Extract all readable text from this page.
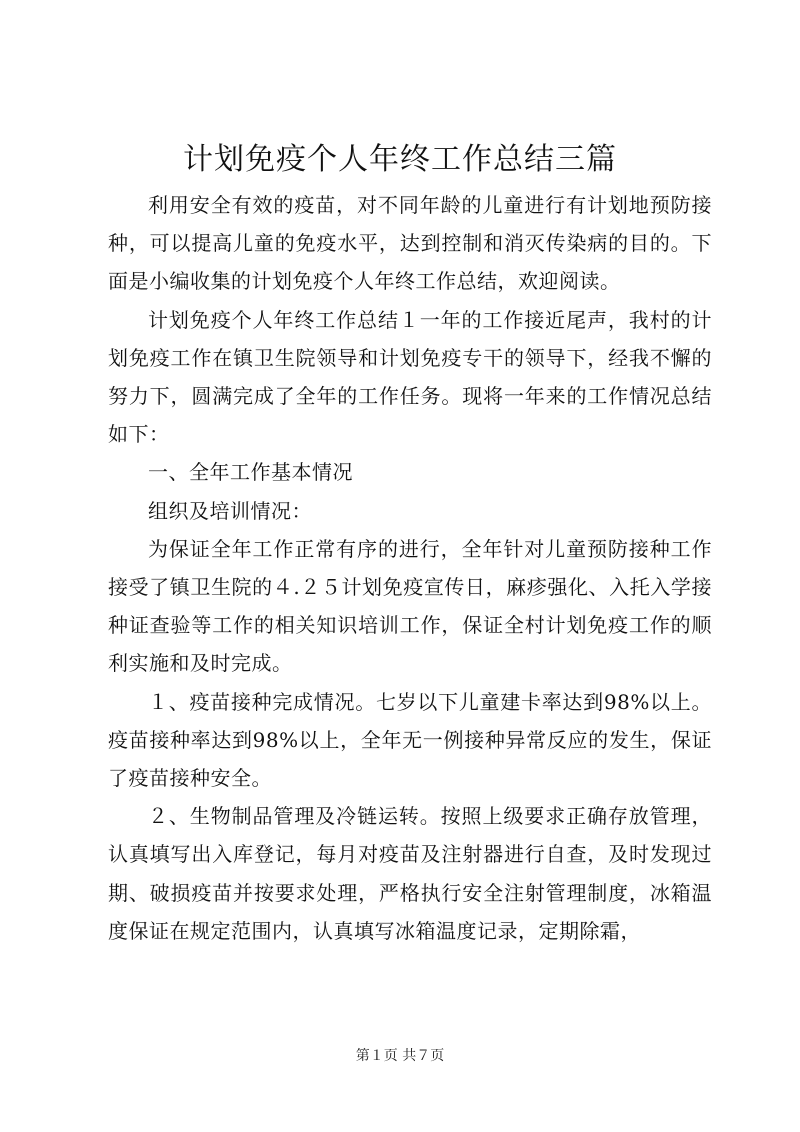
计划免疫个人年终工作总结三篇

利用安全有效的疫苗，对不同年龄的儿童进行有计划地预防接种，可以提高儿童的免疫水平，达到控制和消灭传染病的目的。下面是小编收集的计划免疫个人年终工作总结，欢迎阅读。

计划免疫个人年终工作总结１一年的工作接近尾声，我村的计划免疫工作在镇卫生院领导和计划免疫专干的领导下，经我不懈的努力下，圆满完成了全年的工作任务。现将一年来的工作情况总结如下：

一、全年工作基本情况

组织及培训情况：

为保证全年工作正常有序的进行，全年针对儿童预防接种工作接受了镇卫生院的４.２５计划免疫宣传日，麻疹强化、入托入学接种证查验等工作的相关知识培训工作，保证全村计划免疫工作的顺利实施和及时完成。

１、疫苗接种完成情况。七岁以下儿童建卡率达到98%以上。疫苗接种率达到98%以上，全年无一例接种异常反应的发生，保证了疫苗接种安全。

２、生物制品管理及冷链运转。按照上级要求正确存放管理，认真填写出入库登记，每月对疫苗及注射器进行自查，及时发现过期、破损疫苗并按要求处理，严格执行安全注射管理制度，冰箱温度保证在规定范围内，认真填写冰箱温度记录，定期除霜，

第１页 共７页
